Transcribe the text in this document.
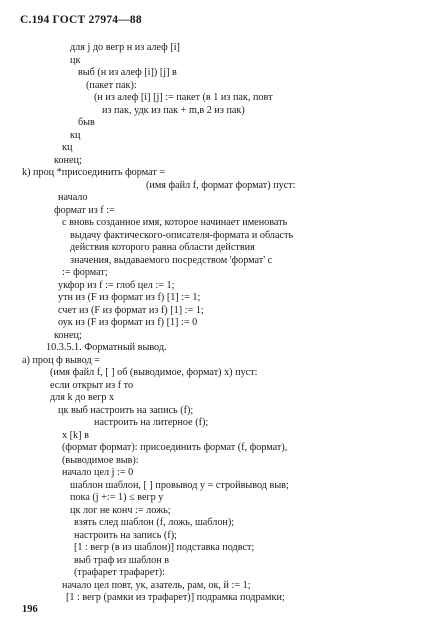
С.194 ГОСТ 27974—88
для j до вегр н из алеф [i]
цк
выб (н из алеф [i]) [j] в
(пакет пак):
(н из алеф [i] [j] := пакет (в 1 из пак, повт
из пак, удк из пак + m,в 2 из пак)
быв
кц
кц
конец;
k) проц *присоединить формат =
(имя файл f, формат формат) пуст:
начало
формат из f :=
с вновь созданное имя, которое начинает именовать
выдачу фактического-описателя-формата и область
действия которого равна области действия
значения, выдаваемого посредством 'формат' с
:= формат;
укфор из f := глоб цел := 1;
утн из (F из формат из f) [1] := 1;
счет из (F из формат из f) [1] := 1;
оук из (F из формат из f) [1] := 0
конец;
10.3.5.1. Форматный вывод.
a) проц ф вывод =
(имя файл f, [ ] об (выводимое, формат) х) пуст:
если открыт из f то
для k до вегр х
цк выб настроить на запись (f);
настроить на литерное (f);
х [k] в
(формат формат): присоединить формат (f, формат),
(выводимое выв):
начало цел j := 0
шаблон шаблон, [ ] провывод у = стройвывод выв;
пока (j +:= 1) ≤ вегр у
цк лог не конч := ложь;
взять след шаблон (f, ложь, шаблон);
настроить на запись (f);
[1 : вегр (в из шаблон)] подставка подвст;
выб траф из шаблон в
(трафарет трафарет):
начало цел повт, ук, азатель, рам, ок, й := 1;
[1 : вегр (рамки из трафарет)] подрамка подрамки;
196
